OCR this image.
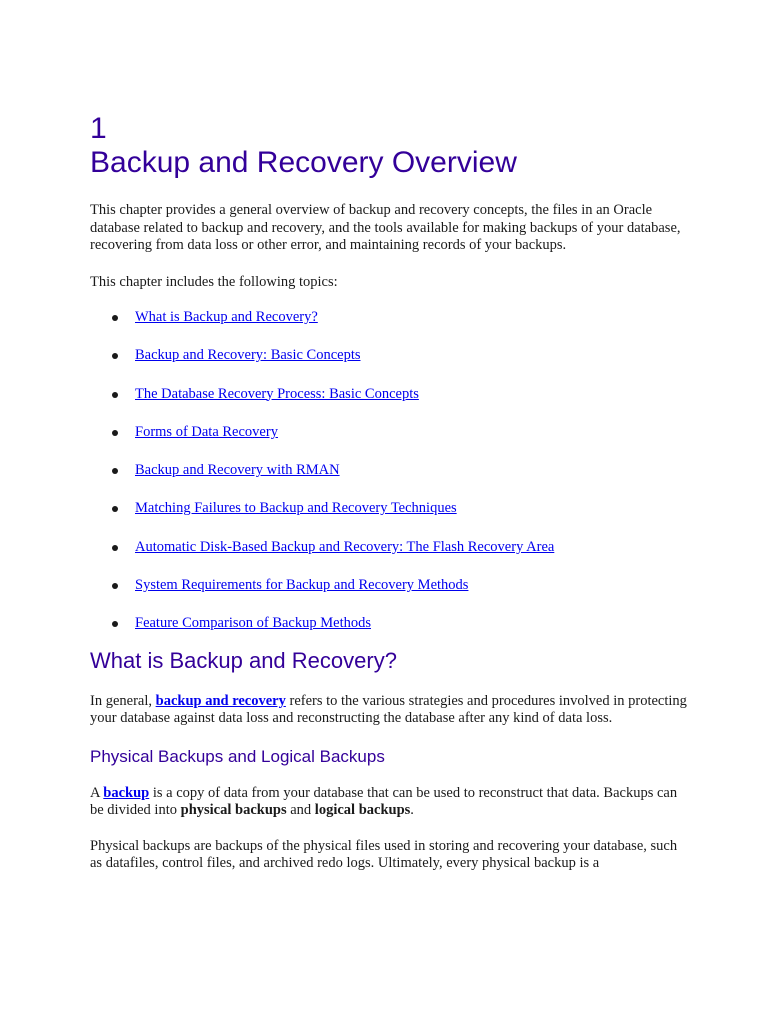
1
Backup and Recovery Overview

This chapter provides a general overview of backup and recovery concepts, the files in an Oracle database related to backup and recovery, and the tools available for making backups of your database, recovering from data loss or other error, and maintaining records of your backups.

This chapter includes the following topics:

What is Backup and Recovery?
Backup and Recovery: Basic Concepts
The Database Recovery Process: Basic Concepts
Forms of Data Recovery
Backup and Recovery with RMAN
Matching Failures to Backup and Recovery Techniques
Automatic Disk-Based Backup and Recovery: The Flash Recovery Area
System Requirements for Backup and Recovery Methods
Feature Comparison of Backup Methods
What is Backup and Recovery?

In general, backup and recovery refers to the various strategies and procedures involved in protecting your database against data loss and reconstructing the database after any kind of data loss.

Physical Backups and Logical Backups

A backup is a copy of data from your database that can be used to reconstruct that data. Backups can be divided into physical backups and logical backups.

Physical backups are backups of the physical files used in storing and recovering your database, such as datafiles, control files, and archived redo logs. Ultimately, every physical backup is a
